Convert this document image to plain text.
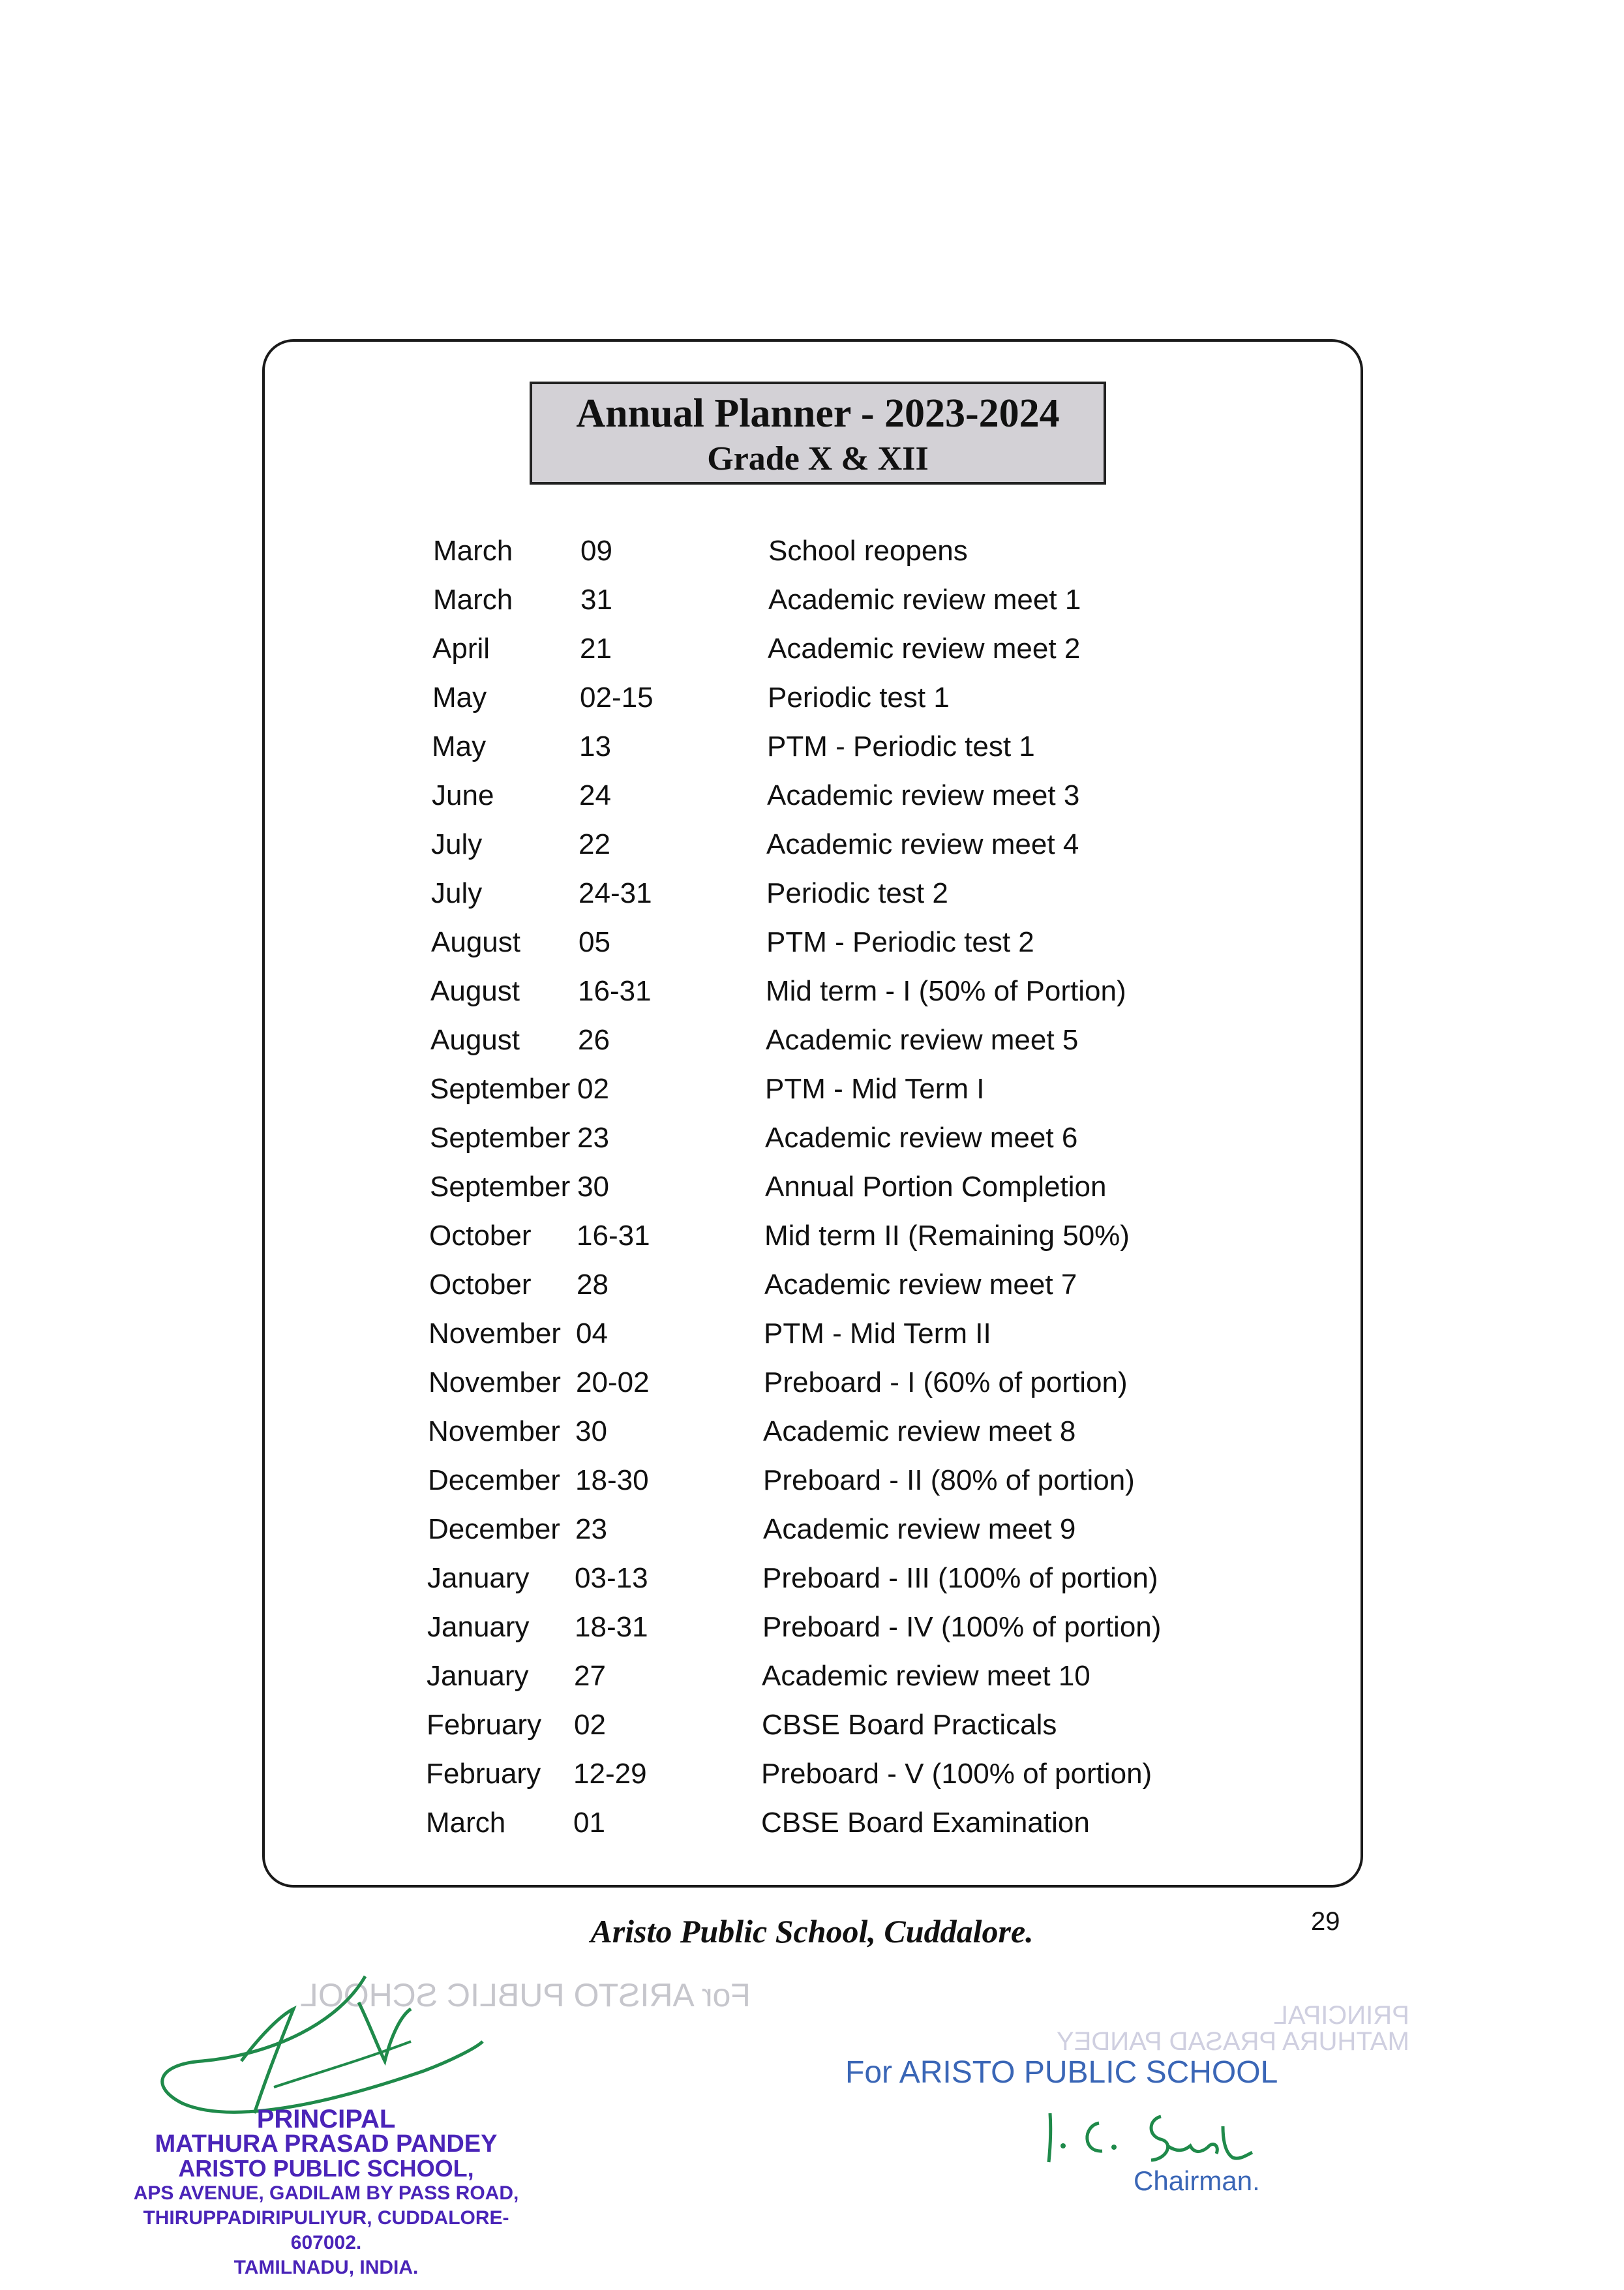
Annual Planner - 2023-2024
Grade X & XII
March 09	School reopens
March 31	Academic review meet 1
April	21	Academic review meet 2
May	02-15	Periodic test 1
May	13	PTM - Periodic test 1
June	24	Academic review meet 3
July	22	Academic review meet 4
July	24-31	Periodic test 2
August 05	PTM - Periodic test 2
August 16-31	Mid term - I (50% of Portion)
August 26	Academic review meet 5
September 02	PTM - Mid Term I
September 23	Academic review meet 6
September 30	Annual Portion Completion
October 16-31	Mid term II (Remaining 50%)
October 28	Academic review meet 7
November 04	PTM - Mid Term II
November 20-02	Preboard - I (60% of portion)
November 30	Academic review meet 8
December 18-30	Preboard - II (80% of portion)
December 23	Academic review meet 9
January 03-13	Preboard - III (100% of portion)
January 18-31	Preboard - IV (100% of portion)
January 27	Academic review meet 10
February 02	CBSE Board Practicals
February 12-29	Preboard - V (100% of portion)
March 01	CBSE Board Examination
Aristo Public School, Cuddalore.	29
For ARISTO PUBLIC SCHOOL
PRINCIPAL
MATHURA PRASAD PANDEY
PRINCIPAL
MATHURA PRASAD PANDEY
ARISTO PUBLIC SCHOOL,
APS AVENUE, GADILAM BY PASS ROAD,
THIRUPPADIRIPULIYUR, CUDDALORE-607002.
TAMILNADU, INDIA.
For ARISTO PUBLIC SCHOOL
Chairman.
